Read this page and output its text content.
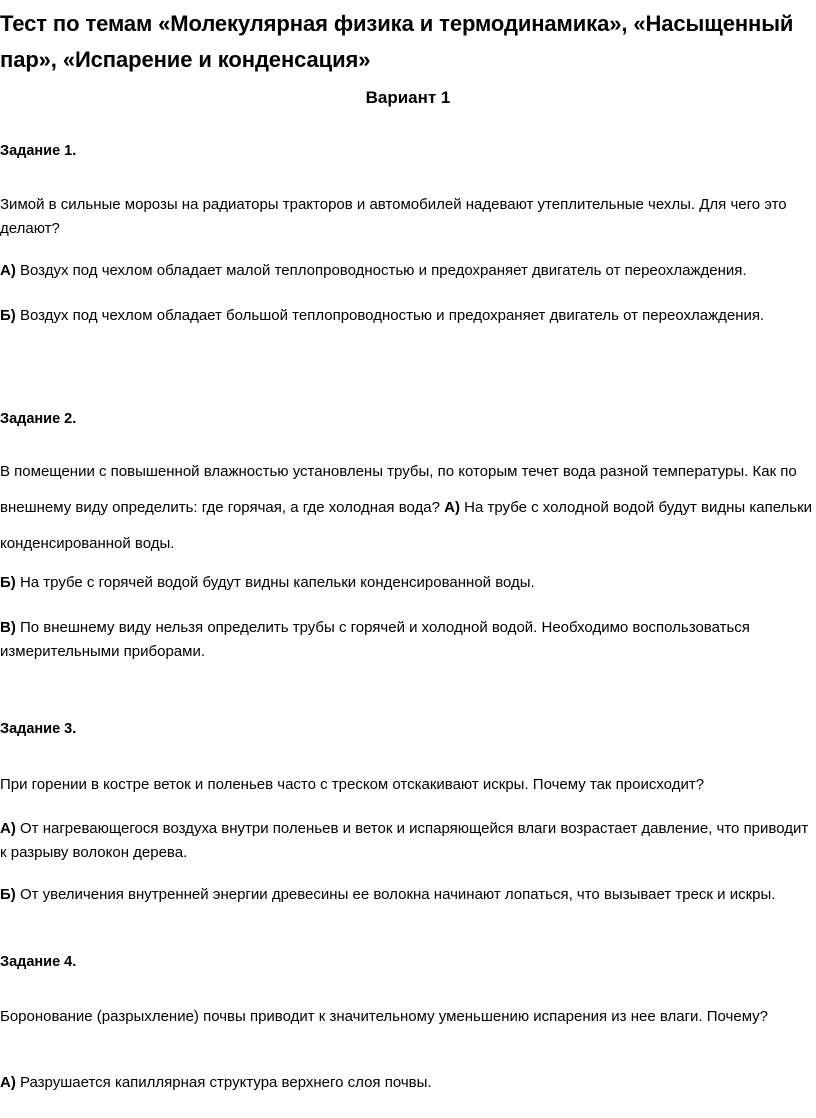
Тест по темам «Молекулярная физика и термодинамика», «Насыщенный пар», «Испарение и конденсация»
Вариант 1
Задание 1.

Зимой в сильные морозы на радиаторы тракторов и автомобилей надевают утеплительные чехлы. Для чего это делают?

А) Воздух под чехлом обладает малой теплопроводностью и предохраняет двигатель от переохлаждения.

Б) Воздух под чехлом обладает большой теплопроводностью и предохраняет двигатель от переохлаждения.

Задание 2.

В помещении с повышенной влажностью установлены трубы, по которым течет вода разной температуры. Как по внешнему виду определить: где горячая, а где холодная вода? А) На трубе с холодной водой будут видны капельки конденсированной воды.

Б) На трубе с горячей водой будут видны капельки конденсированной воды.

В) По внешнему виду нельзя определить трубы с горячей и холодной водой. Необходимо воспользоваться измерительными приборами.

Задание 3.

При горении в костре веток и поленьев часто с треском отскакивают искры. Почему так происходит?

А) От нагревающегося воздуха внутри поленьев и веток и испаряющейся влаги возрастает давление, что приводит к разрыву волокон дерева.

Б) От увеличения внутренней энергии древесины ее волокна начинают лопаться, что вызывает треск и искры.

Задание 4.

Боронование (разрыхление) почвы приводит к значительному уменьшению испарения из нее влаги. Почему?

А) Разрушается капиллярная структура верхнего слоя почвы.
